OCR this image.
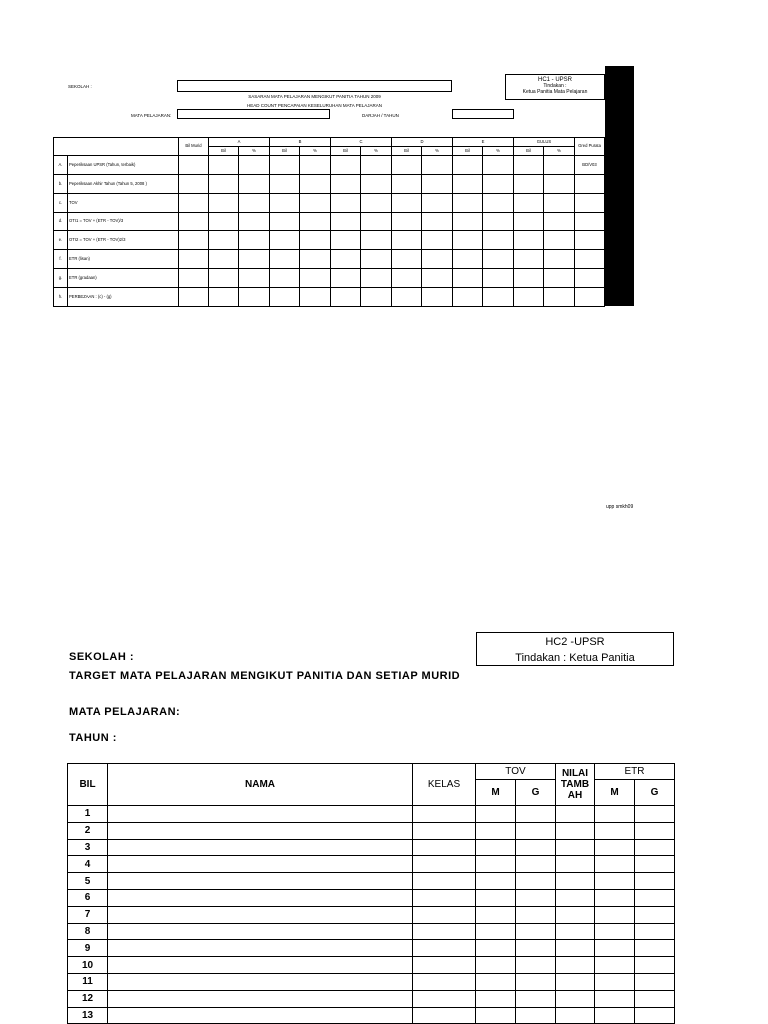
SEKOLAH :
SASARAN MATA PELAJARAN MENGIKUT PANITIA TAHUN 2009
HEAD COUNT PENCAPAIAN KESELURUHAN MATA PELAJARAN
MATA PELAJARAN:	DARJAH / TAHUN
HC1 - UPSR
Tindakan :
Ketua Panitia Mata Pelajaran
		Bil Murid	A		B		C		D		E		GULUS		Gred Purata
			Bil	%	Bil	%	Bil	%	Bil	%	Bil	%	Bil	%	
A.	Peperiksaan UPSR (Tahun, terbaik)														BD/V03
b.	Peperiksaan Akhir Tahun (Tahun 5, 2008 )														
c.	TOV														
d.	OTI1 = TOV + (ETR - TOV)/3														
e.	OTI2 = TOV + (ETR - TOV)2/3														
f.	ETR (lisan)														
g.	ETR (gradaan)														
h.	PERBEZAAN : (c) - (g)														
upp smkh09
HC2 -UPSR
Tindakan : Ketua Panitia
SEKOLAH :
TARGET MATA PELAJARAN MENGIKUT PANITIA DAN SETIAP MURID
MATA PELAJARAN:
TAHUN :
BIL	NAMA	KELAS	TOV		NILAI TAMB AH	ETR	
			M	G		M	G
1							
2							
3							
4							
5							
6							
7							
8							
9							
10							
11							
12							
13							
